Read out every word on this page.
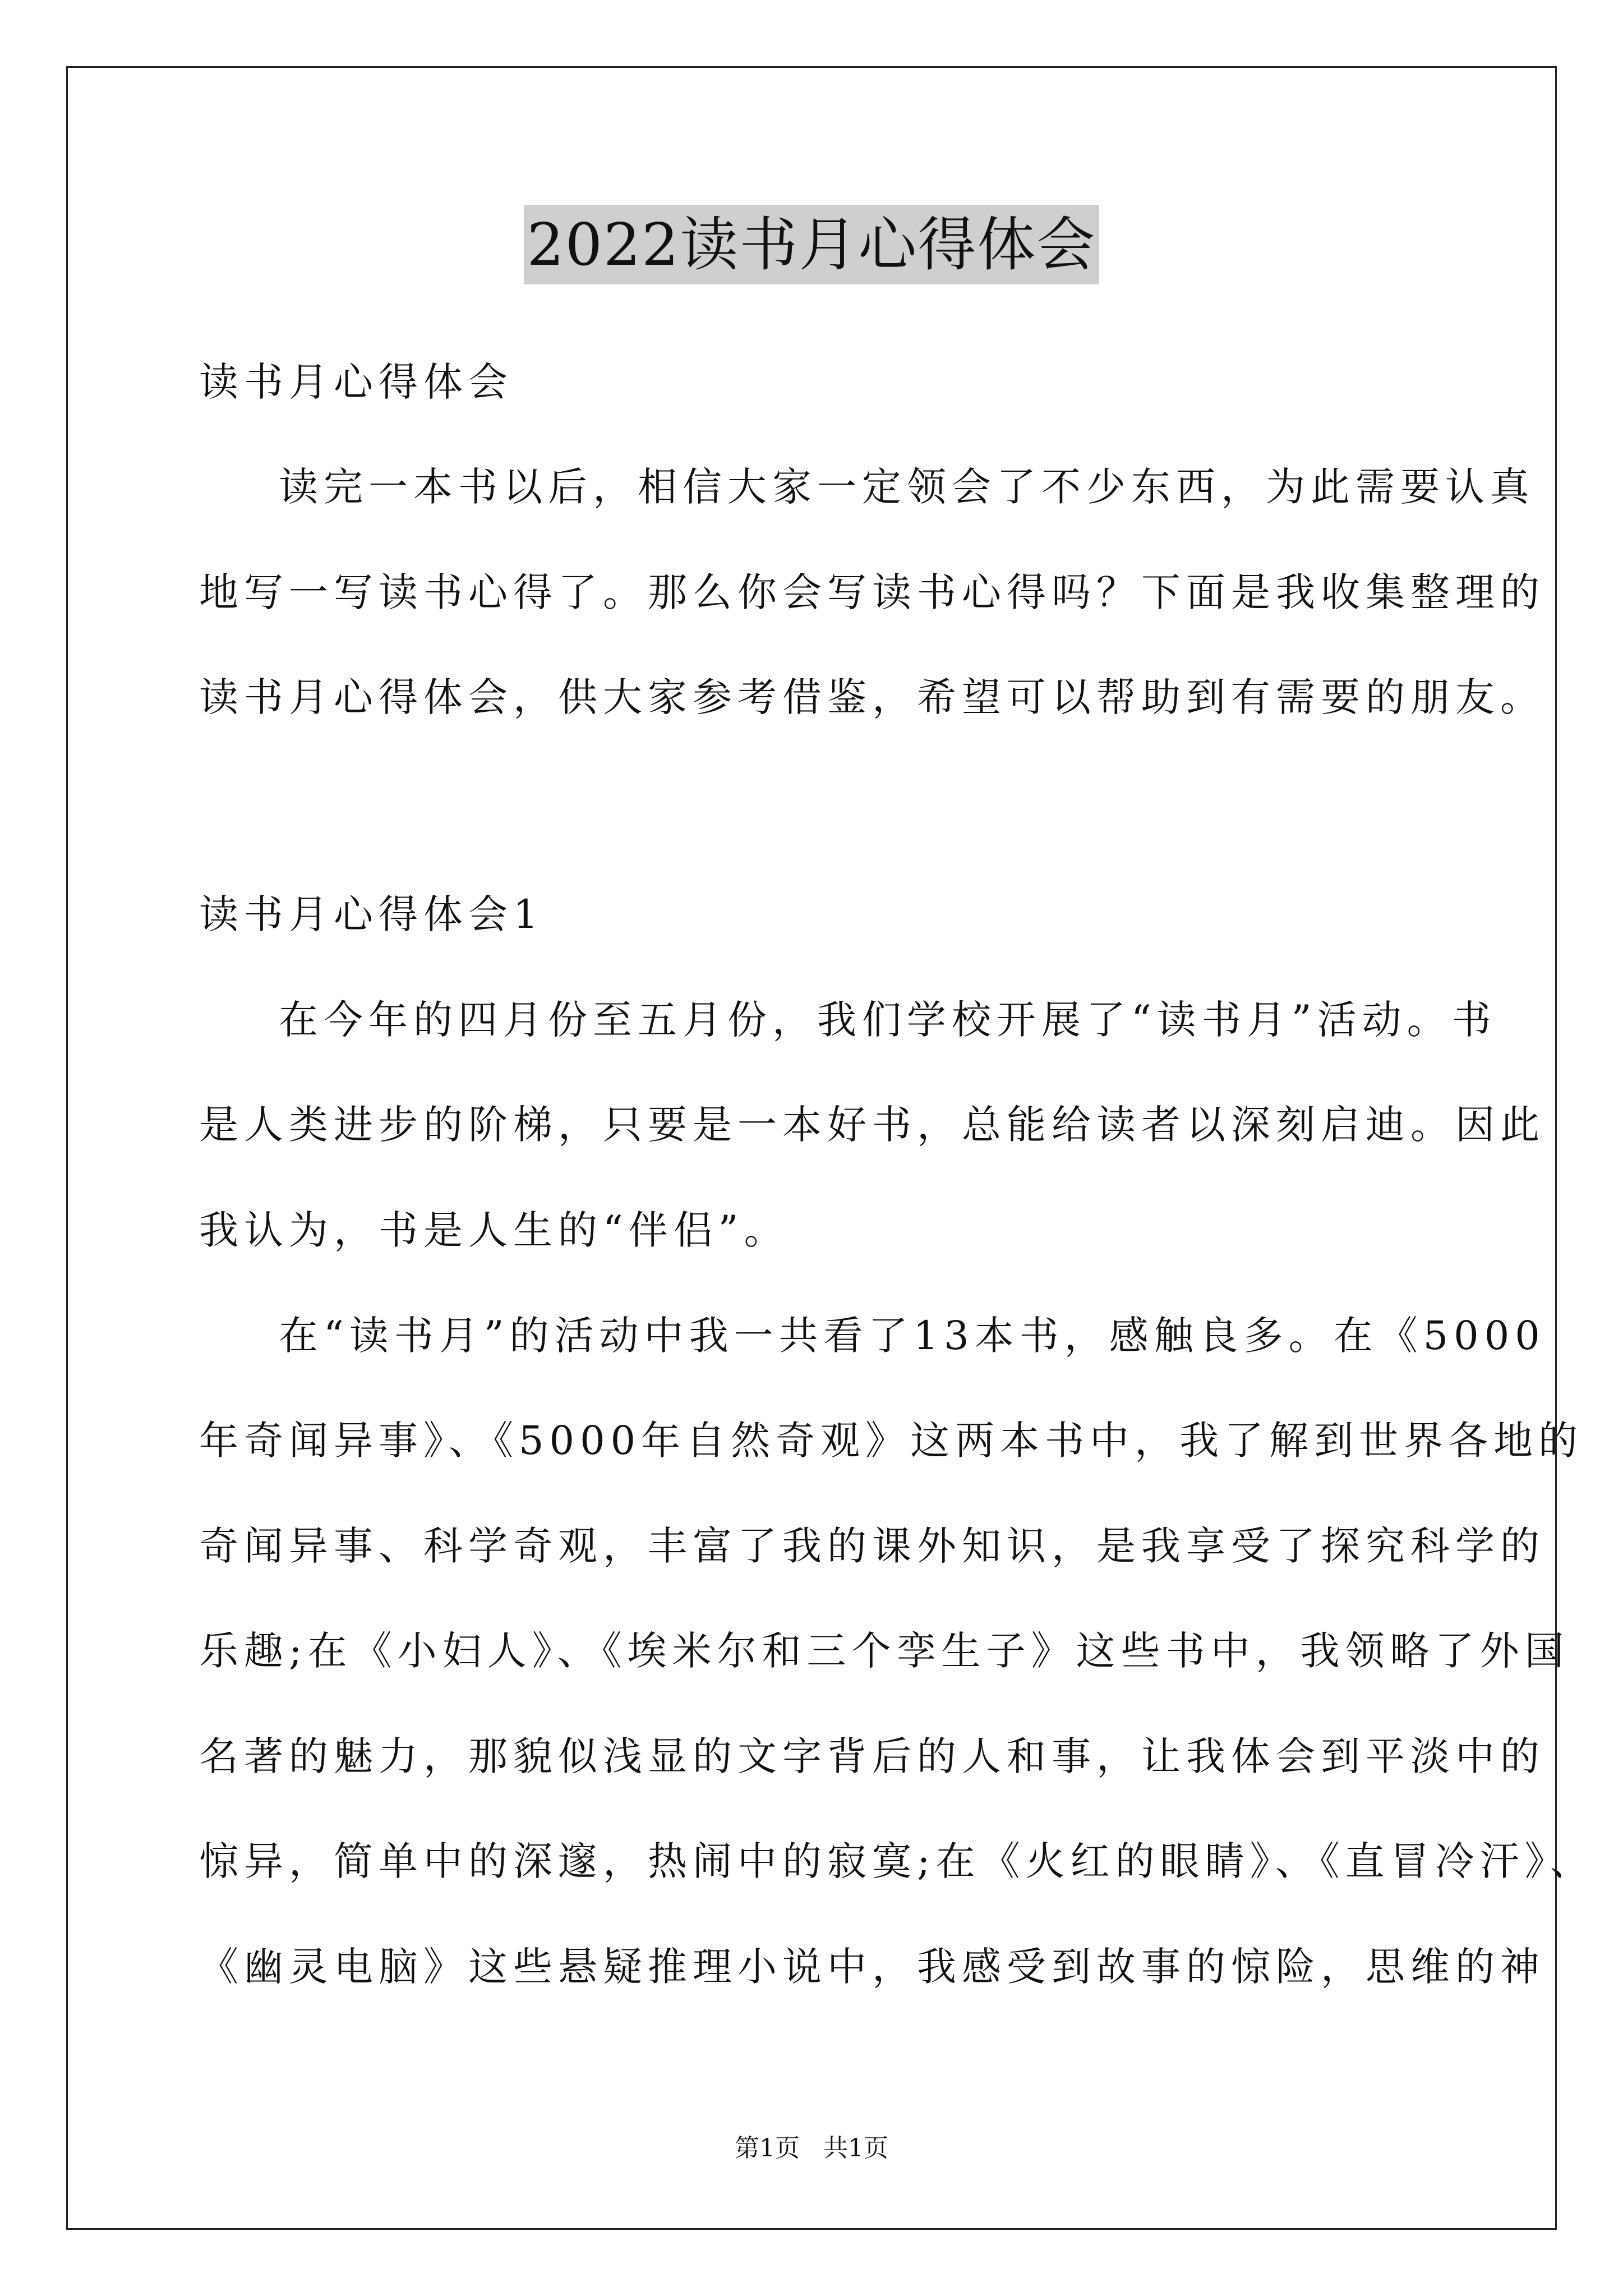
2022读书月心得体会
读书月心得体会
读完一本书以后，相信大家一定领会了不少东西，为此需要认真
地写一写读书心得了。那么你会写读书心得吗？下面是我收集整理的
读书月心得体会，供大家参考借鉴，希望可以帮助到有需要的朋友。
读书月心得体会1
在今年的四月份至五月份，我们学校开展了“读书月”活动。书
是人类进步的阶梯，只要是一本好书，总能给读者以深刻启迪。因此
我认为，书是人生的“伴侣”。
在“读书月”的活动中我一共看了13本书，感触良多。在《5000
年奇闻异事》、《5000年自然奇观》这两本书中，我了解到世界各地的
奇闻异事、科学奇观，丰富了我的课外知识，是我享受了探究科学的
乐趣;在《小妇人》、《埃米尔和三个孪生子》这些书中，我领略了外国
名著的魅力，那貌似浅显的文字背后的人和事，让我体会到平淡中的
惊异，简单中的深邃，热闹中的寂寞;在《火红的眼睛》、《直冒冷汗》、
《幽灵电脑》这些悬疑推理小说中，我感受到故事的惊险，思维的神
第1页 共1页
